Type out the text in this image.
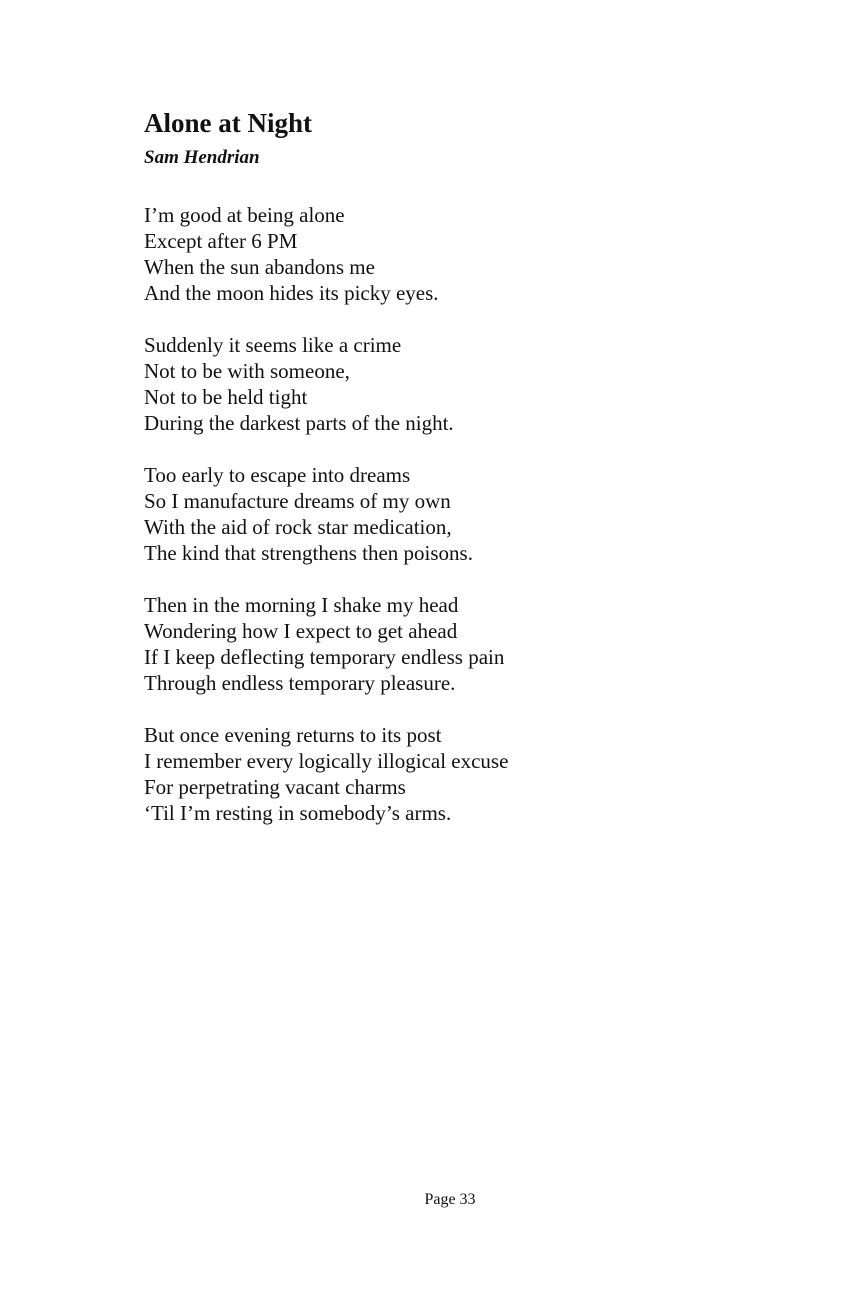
Alone at Night
Sam Hendrian
I’m good at being alone
Except after 6 PM
When the sun abandons me
And the moon hides its picky eyes.
Suddenly it seems like a crime
Not to be with someone,
Not to be held tight
During the darkest parts of the night.
Too early to escape into dreams
So I manufacture dreams of my own
With the aid of rock star medication,
The kind that strengthens then poisons.
Then in the morning I shake my head
Wondering how I expect to get ahead
If I keep deflecting temporary endless pain
Through endless temporary pleasure.
But once evening returns to its post
I remember every logically illogical excuse
For perpetrating vacant charms
‘Til I’m resting in somebody’s arms.
Page 33
